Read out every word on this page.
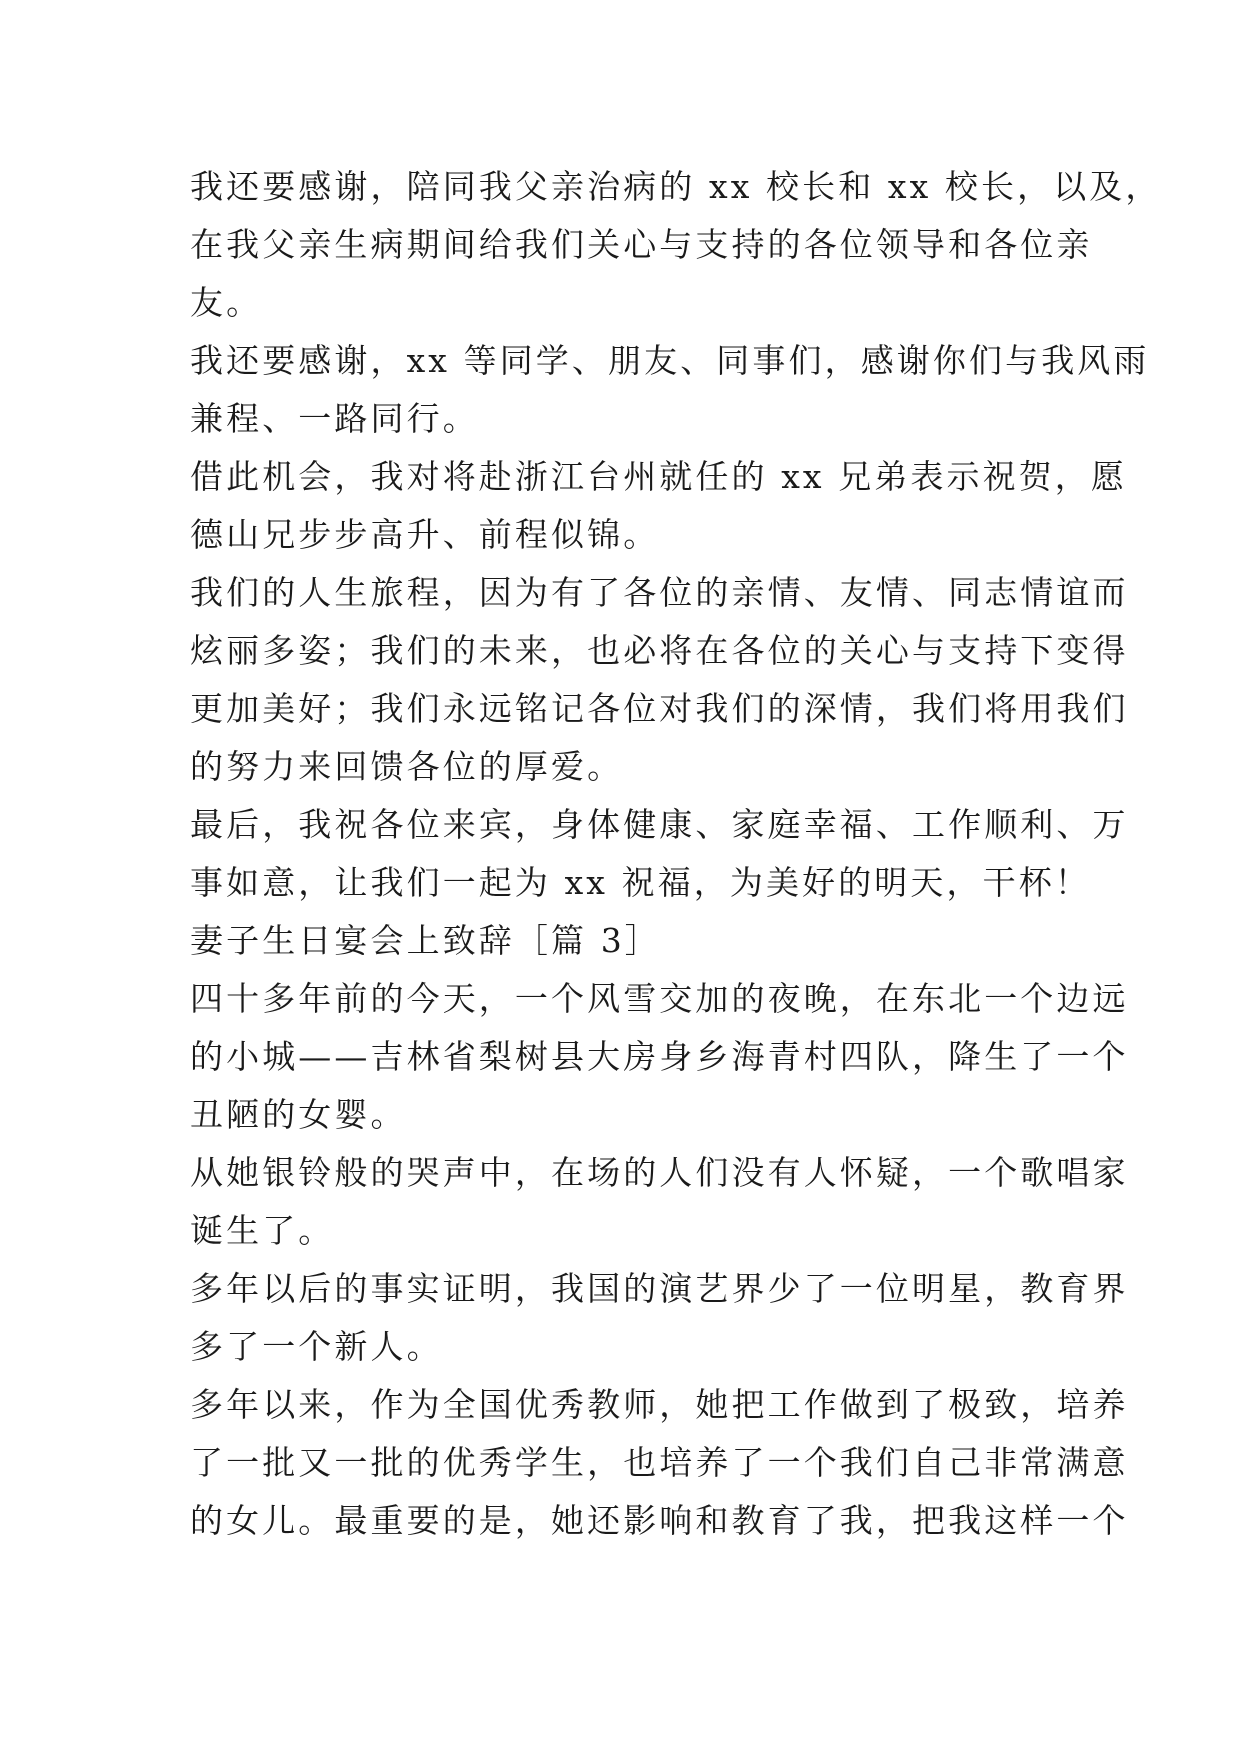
我还要感谢，陪同我父亲治病的 xx 校长和 xx 校长，以及，
在我父亲生病期间给我们关心与支持的各位领导和各位亲
友。
我还要感谢，xx 等同学、朋友、同事们，感谢你们与我风雨
兼程、一路同行。
借此机会，我对将赴浙江台州就任的 xx 兄弟表示祝贺，愿
德山兄步步高升、前程似锦。
我们的人生旅程，因为有了各位的亲情、友情、同志情谊而
炫丽多姿；我们的未来，也必将在各位的关心与支持下变得
更加美好；我们永远铭记各位对我们的深情，我们将用我们
的努力来回馈各位的厚爱。
最后，我祝各位来宾，身体健康、家庭幸福、工作顺利、万
事如意，让我们一起为 xx 祝福，为美好的明天，干杯！
妻子生日宴会上致辞［篇 3］
四十多年前的今天，一个风雪交加的夜晚，在东北一个边远
的小城——吉林省梨树县大房身乡海青村四队，降生了一个
丑陋的女婴。
从她银铃般的哭声中，在场的人们没有人怀疑，一个歌唱家
诞生了。
多年以后的事实证明，我国的演艺界少了一位明星，教育界
多了一个新人。
多年以来，作为全国优秀教师，她把工作做到了极致，培养
了一批又一批的优秀学生，也培养了一个我们自己非常满意
的女儿。最重要的是，她还影响和教育了我，把我这样一个
